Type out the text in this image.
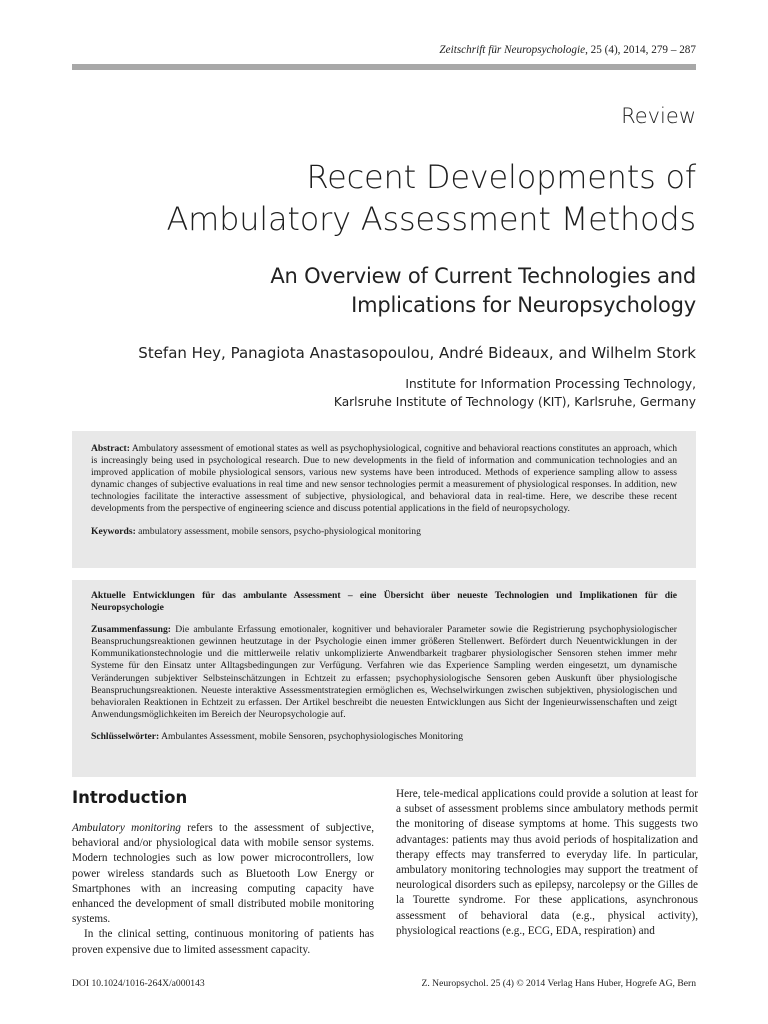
Zeitschrift für Neuropsychologie, 25 (4), 2014, 279 – 287
Review
Recent Developments of
Ambulatory Assessment Methods
An Overview of Current Technologies and
Implications for Neuropsychology
Stefan Hey, Panagiota Anastasopoulou, André Bideaux, and Wilhelm Stork
Institute for Information Processing Technology,
Karlsruhe Institute of Technology (KIT), Karlsruhe, Germany
Abstract: Ambulatory assessment of emotional states as well as psychophysiological, cognitive and behavioral reactions constitutes an approach, which is increasingly being used in psychological research. Due to new developments in the field of information and communication technologies and an improved application of mobile physiological sensors, various new systems have been introduced. Methods of experience sampling allow to assess dynamic changes of subjective evaluations in real time and new sensor technologies permit a measurement of physiological responses. In addition, new technologies facilitate the interactive assessment of subjective, physiological, and behavioral data in real-time. Here, we describe these recent developments from the perspective of engineering science and discuss potential applications in the field of neuropsychology.
Keywords: ambulatory assessment, mobile sensors, psycho-physiological monitoring
Aktuelle Entwicklungen für das ambulante Assessment – eine Übersicht über neueste Technologien und Implikationen für die Neuropsychologie
Zusammenfassung: Die ambulante Erfassung emotionaler, kognitiver und behavioraler Parameter sowie die Registrierung psychophysiologischer Beanspruchungsreaktionen gewinnen heutzutage in der Psychologie einen immer größeren Stellenwert. Befördert durch Neuentwicklungen in der Kommunikationstechnologie und die mittlerweile relativ unkomplizierte Anwendbarkeit tragbarer physiologischer Sensoren stehen immer mehr Systeme für den Einsatz unter Alltagsbedingungen zur Verfügung. Verfahren wie das Experience Sampling werden eingesetzt, um dynamische Veränderungen subjektiver Selbsteinschätzungen in Echtzeit zu erfassen; psychophysiologische Sensoren geben Auskunft über physiologische Beanspruchungsreaktionen. Neueste interaktive Assessmentstrategien ermöglichen es, Wechselwirkungen zwischen subjektiven, physiologischen und behavioralen Reaktionen in Echtzeit zu erfassen. Der Artikel beschreibt die neuesten Entwicklungen aus Sicht der Ingenieurwissenschaften und zeigt Anwendungsmöglichkeiten im Bereich der Neuropsychologie auf.
Schlüsselwörter: Ambulantes Assessment, mobile Sensoren, psychophysiologisches Monitoring
Introduction

Ambulatory monitoring refers to the assessment of subjective, behavioral and/or physiological data with mobile sensor systems. Modern technologies such as low power microcontrollers, low power wireless standards such as Bluetooth Low Energy or Smartphones with an increasing computing capacity have enhanced the development of small distributed mobile monitoring systems.

In the clinical setting, continuous monitoring of patients has proven expensive due to limited assessment capacity.

Here, tele-medical applications could provide a solution at least for a subset of assessment problems since ambulatory methods permit the monitoring of disease symptoms at home. This suggests two advantages: patients may thus avoid periods of hospitalization and therapy effects may transferred to everyday life. In particular, ambulatory monitoring technologies may support the treatment of neurological disorders such as epilepsy, narcolepsy or the Gilles de la Tourette syndrome. For these applications, asynchronous assessment of behavioral data (e.g., physical activity), physiological reactions (e.g., ECG, EDA, respiration) and

DOI 10.1024/1016-264X/a000143	Z. Neuropsychol. 25 (4) © 2014 Verlag Hans Huber, Hogrefe AG, Bern
